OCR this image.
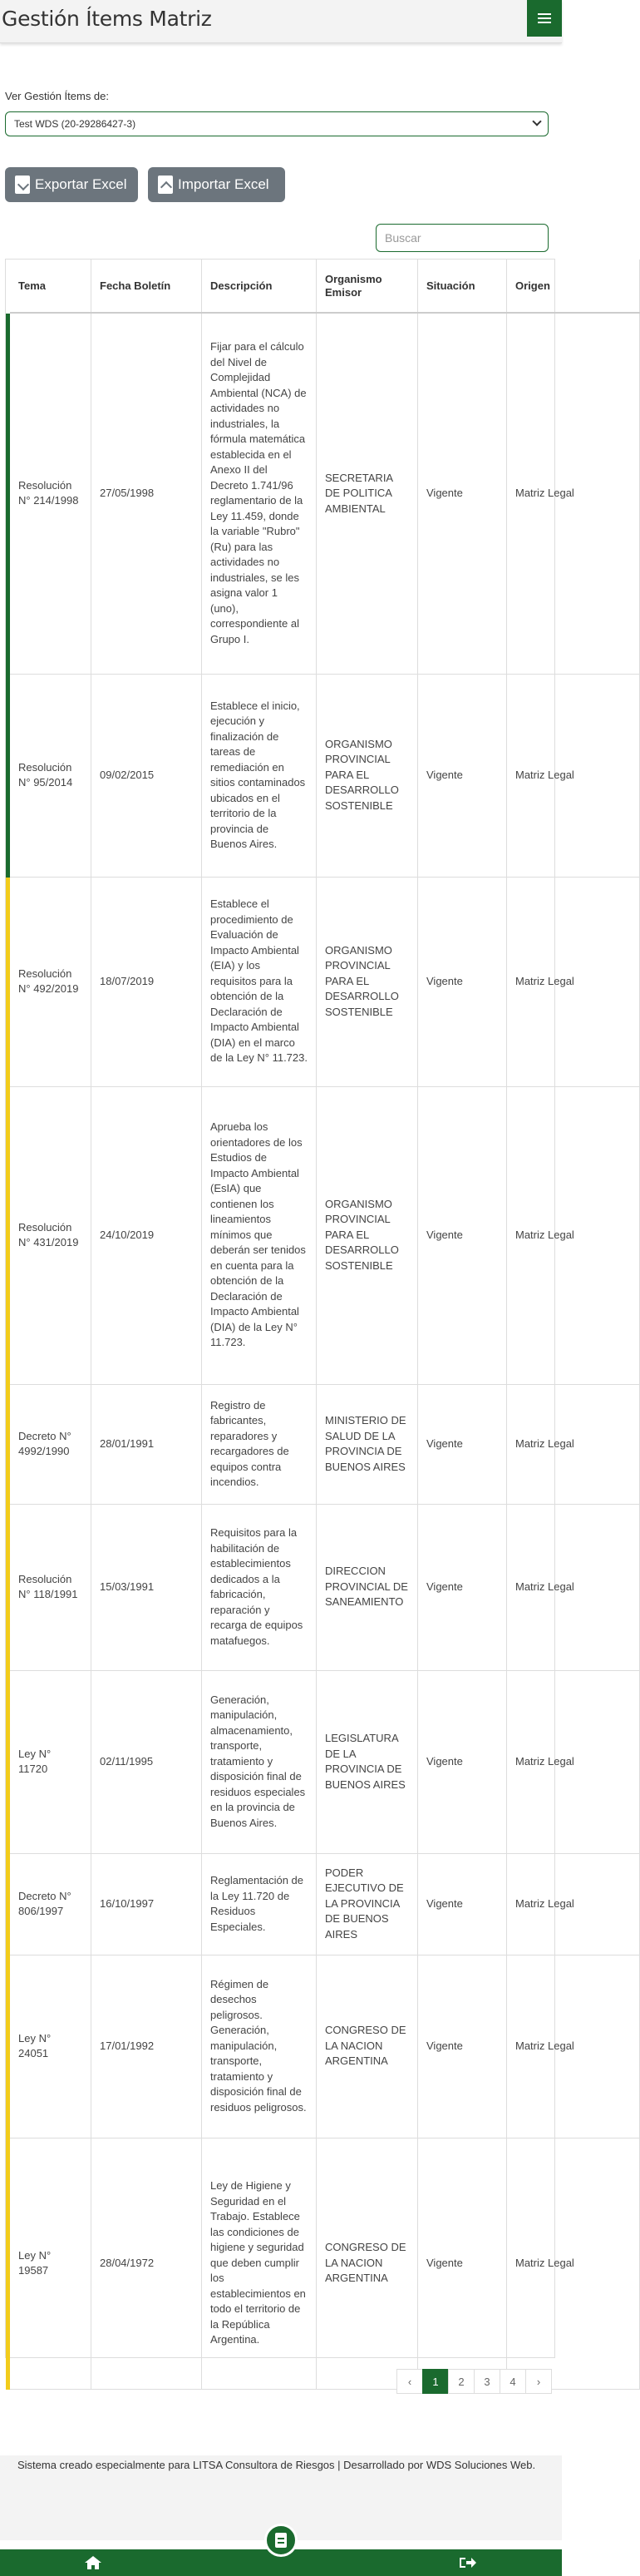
Gestión Ítems Matriz
Ver Gestión Ítems de:
Test WDS (20-29286427-3)
Exportar Excel	Importar Excel
Buscar
Tema	Fecha Boletín	Descripción	Organismo Emisor	Situación	Origen
Resolución N° 214/1998	27/05/1998	Fijar para el cálculo del Nivel de Complejidad Ambiental (NCA) de actividades no industriales, la fórmula matemática establecida en el Anexo II del Decreto 1.741/96 reglamentario de la Ley 11.459, donde la variable "Rubro" (Ru) para las actividades no industriales, se les asigna valor 1 (uno), correspondiente al Grupo I.	SECRETARIA DE POLITICA AMBIENTAL	Vigente	Matriz Legal
Resolución N° 95/2014	09/02/2015	Establece el inicio, ejecución y finalización de tareas de remediación en sitios contaminados ubicados en el territorio de la provincia de Buenos Aires.	ORGANISMO PROVINCIAL PARA EL DESARROLLO SOSTENIBLE	Vigente	Matriz Legal
Resolución N° 492/2019	18/07/2019	Establece el procedimiento de Evaluación de Impacto Ambiental (EIA) y los requisitos para la obtención de la Declaración de Impacto Ambiental (DIA) en el marco de la Ley N° 11.723.	ORGANISMO PROVINCIAL PARA EL DESARROLLO SOSTENIBLE	Vigente	Matriz Legal
Resolución N° 431/2019	24/10/2019	Aprueba los orientadores de los Estudios de Impacto Ambiental (EsIA) que contienen los lineamientos mínimos que deberán ser tenidos en cuenta para la obtención de la Declaración de Impacto Ambiental (DIA) de la Ley N° 11.723.	ORGANISMO PROVINCIAL PARA EL DESARROLLO SOSTENIBLE	Vigente	Matriz Legal
Decreto N° 4992/1990	28/01/1991	Registro de fabricantes, reparadores y recargadores de equipos contra incendios.	MINISTERIO DE SALUD DE LA PROVINCIA DE BUENOS AIRES	Vigente	Matriz Legal
Resolución N° 118/1991	15/03/1991	Requisitos para la habilitación de establecimientos dedicados a la fabricación, reparación y recarga de equipos matafuegos.	DIRECCION PROVINCIAL DE SANEAMIENTO	Vigente	Matriz Legal
Ley N° 11720	02/11/1995	Generación, manipulación, almacenamiento, transporte, tratamiento y disposición final de residuos especiales en la provincia de Buenos Aires.	LEGISLATURA DE LA PROVINCIA DE BUENOS AIRES	Vigente	Matriz Legal
Decreto N° 806/1997	16/10/1997	Reglamentación de la Ley 11.720 de Residuos Especiales.	PODER EJECUTIVO DE LA PROVINCIA DE BUENOS AIRES	Vigente	Matriz Legal
Ley N° 24051	17/01/1992	Régimen de desechos peligrosos. Generación, manipulación, transporte, tratamiento y disposición final de residuos peligrosos.	CONGRESO DE LA NACION ARGENTINA	Vigente	Matriz Legal
Ley N° 19587	28/04/1972	Ley de Higiene y Seguridad en el Trabajo. Establece las condiciones de higiene y seguridad que deben cumplir los establecimientos en todo el territorio de la República Argentina.	CONGRESO DE LA NACION ARGENTINA	Vigente	Matriz Legal
‹	1	2	3	4	›
Sistema creado especialmente para LITSA Consultora de Riesgos | Desarrollado por WDS Soluciones Web.
